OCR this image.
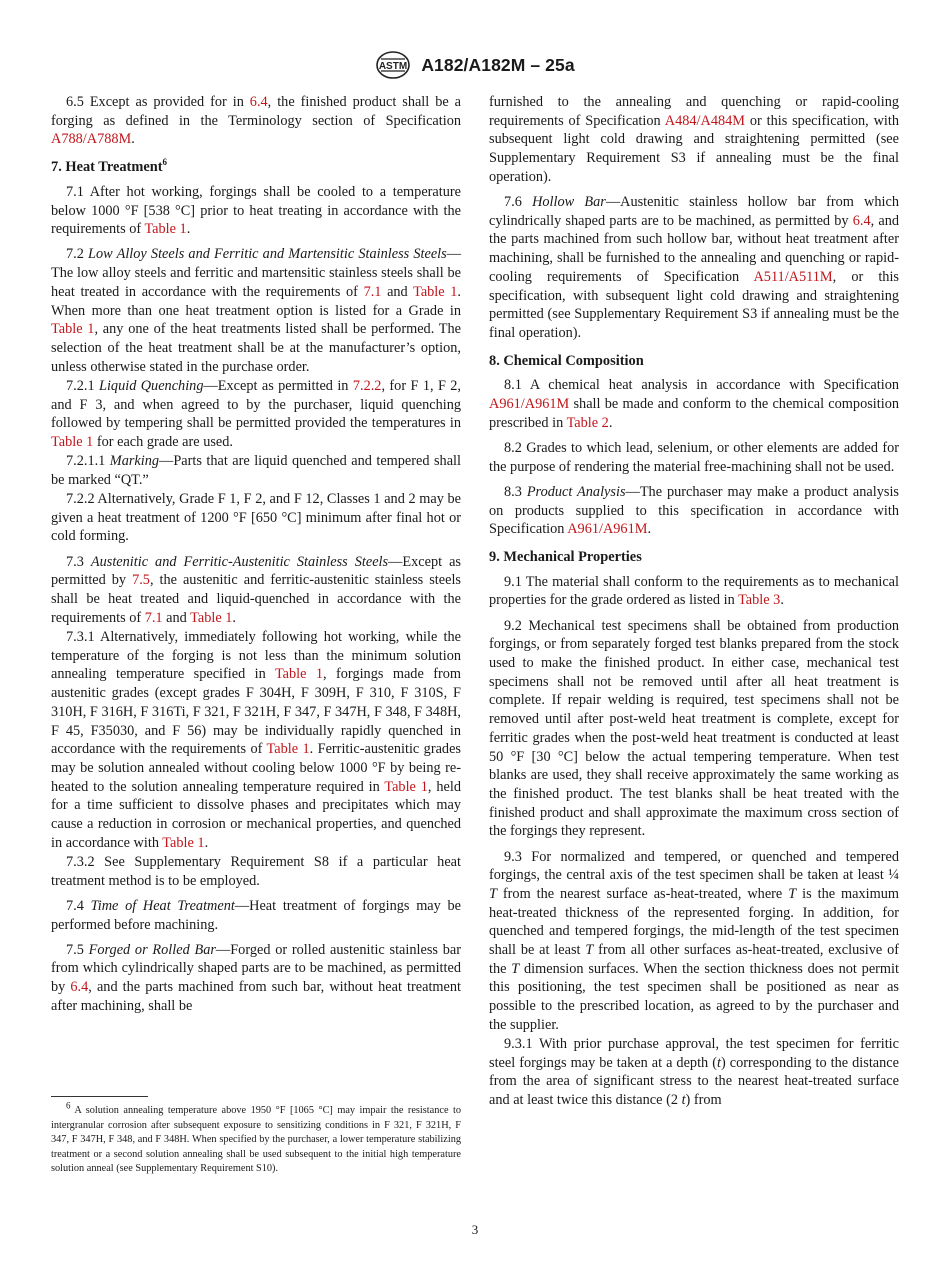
ASTM A182/A182M – 25a

6.5 Except as provided for in 6.4, the finished product shall be a forging as defined in the Terminology section of Specification A788/A788M.

7. Heat Treatment$^6$

7.1 After hot working, forgings shall be cooled to a temperature below 1000 °F [538 °C] prior to heat treating in accordance with the requirements of Table 1.

7.2 Low Alloy Steels and Ferritic and Martensitic Stainless Steels—The low alloy steels and ferritic and martensitic stainless steels shall be heat treated in accordance with the requirements of 7.1 and Table 1. When more than one heat treatment option is listed for a Grade in Table 1, any one of the heat treatments listed shall be performed. The selection of the heat treatment shall be at the manufacturer’s option, unless otherwise stated in the purchase order.

7.2.1 Liquid Quenching—Except as permitted in 7.2.2, for F 1, F 2, and F 3, and when agreed to by the purchaser, liquid quenching followed by tempering shall be permitted provided the temperatures in Table 1 for each grade are used.

7.2.1.1 Marking—Parts that are liquid quenched and tempered shall be marked “QT.”

7.2.2 Alternatively, Grade F 1, F 2, and F 12, Classes 1 and 2 may be given a heat treatment of 1200 °F [650 °C] minimum after final hot or cold forming.

7.3 Austenitic and Ferritic-Austenitic Stainless Steels—Except as permitted by 7.5, the austenitic and ferritic-austenitic stainless steels shall be heat treated and liquid-quenched in accordance with the requirements of 7.1 and Table 1.

7.3.1 Alternatively, immediately following hot working, while the temperature of the forging is not less than the minimum solution annealing temperature specified in Table 1, forgings made from austenitic grades (except grades F 304H, F 309H, F 310, F 310S, F 310H, F 316H, F 316Ti, F 321, F 321H, F 347, F 347H, F 348, F 348H, F 45, F35030, and F 56) may be individually rapidly quenched in accordance with the requirements of Table 1. Ferritic-austenitic grades may be solution annealed without cooling below 1000 °F by being re-heated to the solution annealing temperature required in Table 1, held for a time sufficient to dissolve phases and precipitates which may cause a reduction in corrosion or mechanical properties, and quenched in accordance with Table 1.

7.3.2 See Supplementary Requirement S8 if a particular heat treatment method is to be employed.

7.4 Time of Heat Treatment—Heat treatment of forgings may be performed before machining.

7.5 Forged or Rolled Bar—Forged or rolled austenitic stainless bar from which cylindrically shaped parts are to be machined, as permitted by 6.4, and the parts machined from such bar, without heat treatment after machining, shall be

$^6$ A solution annealing temperature above 1950 °F [1065 °C] may impair the resistance to intergranular corrosion after subsequent exposure to sensitizing conditions in F 321, F 321H, F 347, F 347H, F 348, and F 348H. When specified by the purchaser, a lower temperature stabilizing treatment or a second solution annealing shall be used subsequent to the initial high temperature solution anneal (see Supplementary Requirement S10).

furnished to the annealing and quenching or rapid-cooling requirements of Specification A484/A484M or this specification, with subsequent light cold drawing and straightening permitted (see Supplementary Requirement S3 if annealing must be the final operation).

7.6 Hollow Bar—Austenitic stainless hollow bar from which cylindrically shaped parts are to be machined, as permitted by 6.4, and the parts machined from such hollow bar, without heat treatment after machining, shall be furnished to the annealing and quenching or rapid-cooling requirements of Specification A511/A511M, or this specification, with subsequent light cold drawing and straightening permitted (see Supplementary Requirement S3 if annealing must be the final operation).

8. Chemical Composition

8.1 A chemical heat analysis in accordance with Specification A961/A961M shall be made and conform to the chemical composition prescribed in Table 2.

8.2 Grades to which lead, selenium, or other elements are added for the purpose of rendering the material free-machining shall not be used.

8.3 Product Analysis—The purchaser may make a product analysis on products supplied to this specification in accordance with Specification A961/A961M.

9. Mechanical Properties

9.1 The material shall conform to the requirements as to mechanical properties for the grade ordered as listed in Table 3.

9.2 Mechanical test specimens shall be obtained from production forgings, or from separately forged test blanks prepared from the stock used to make the finished product. In either case, mechanical test specimens shall not be removed until after all heat treatment is complete. If repair welding is required, test specimens shall not be removed until after post-weld heat treatment is complete, except for ferritic grades when the post-weld heat treatment is conducted at least 50 °F [30 °C] below the actual tempering temperature. When test blanks are used, they shall receive approximately the same working as the finished product. The test blanks shall be heat treated with the finished product and shall approximate the maximum cross section of the forgings they represent.

9.3 For normalized and tempered, or quenched and tempered forgings, the central axis of the test specimen shall be taken at least ¼ T from the nearest surface as-heat-treated, where T is the maximum heat-treated thickness of the represented forging. In addition, for quenched and tempered forgings, the mid-length of the test specimen shall be at least T from all other surfaces as-heat-treated, exclusive of the T dimension surfaces. When the section thickness does not permit this positioning, the test specimen shall be positioned as near as possible to the prescribed location, as agreed to by the purchaser and the supplier.

9.3.1 With prior purchase approval, the test specimen for ferritic steel forgings may be taken at a depth (t) corresponding to the distance from the area of significant stress to the nearest heat-treated surface and at least twice this distance (2 t) from

3
